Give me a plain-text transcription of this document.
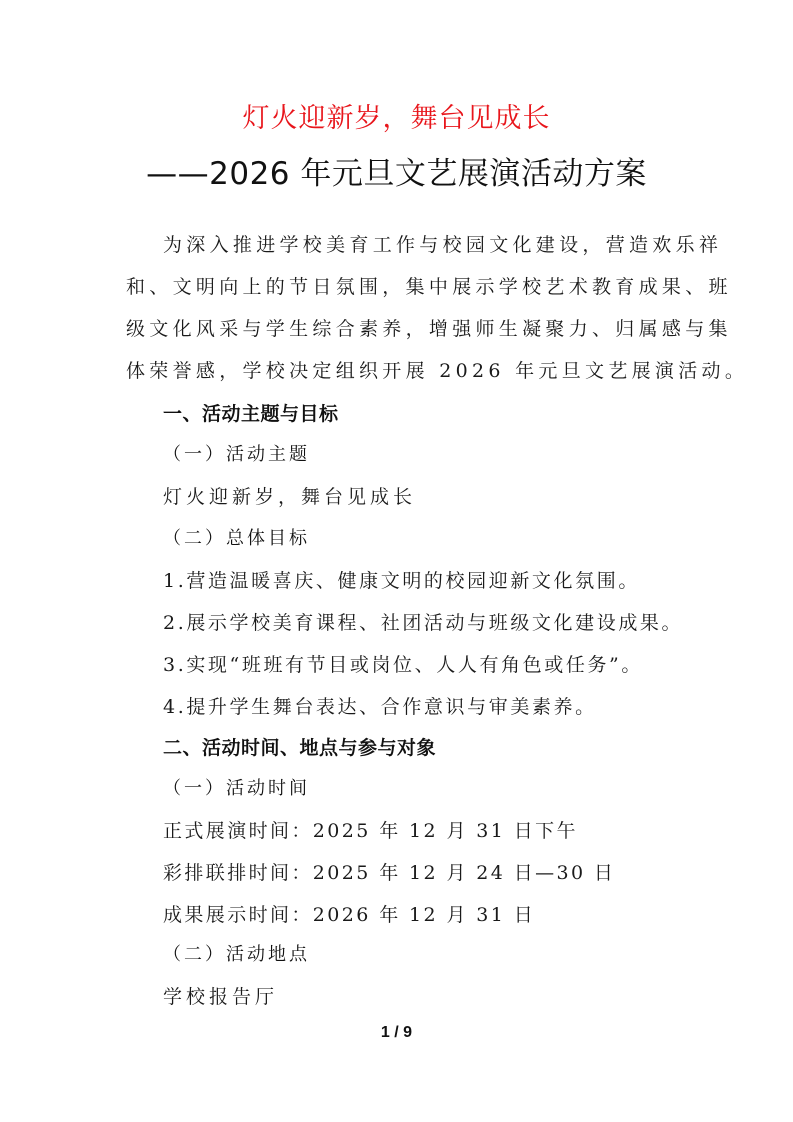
灯火迎新岁，舞台见成长
——2026 年元旦文艺展演活动方案
为深入推进学校美育工作与校园文化建设，营造欢乐祥
和、文明向上的节日氛围，集中展示学校艺术教育成果、班
级文化风采与学生综合素养，增强师生凝聚力、归属感与集
体荣誉感，学校决定组织开展 2026 年元旦文艺展演活动。
一、活动主题与目标
（一）活动主题
灯火迎新岁，舞台见成长
（二）总体目标
1.营造温暖喜庆、健康文明的校园迎新文化氛围。
2.展示学校美育课程、社团活动与班级文化建设成果。
3.实现“班班有节目或岗位、人人有角色或任务”。
4.提升学生舞台表达、合作意识与审美素养。
二、活动时间、地点与参与对象
（一）活动时间
正式展演时间：2025 年 12 月 31 日下午
彩排联排时间：2025 年 12 月 24 日—30 日
成果展示时间：2026 年 12 月 31 日
（二）活动地点
学校报告厅
1 / 9
